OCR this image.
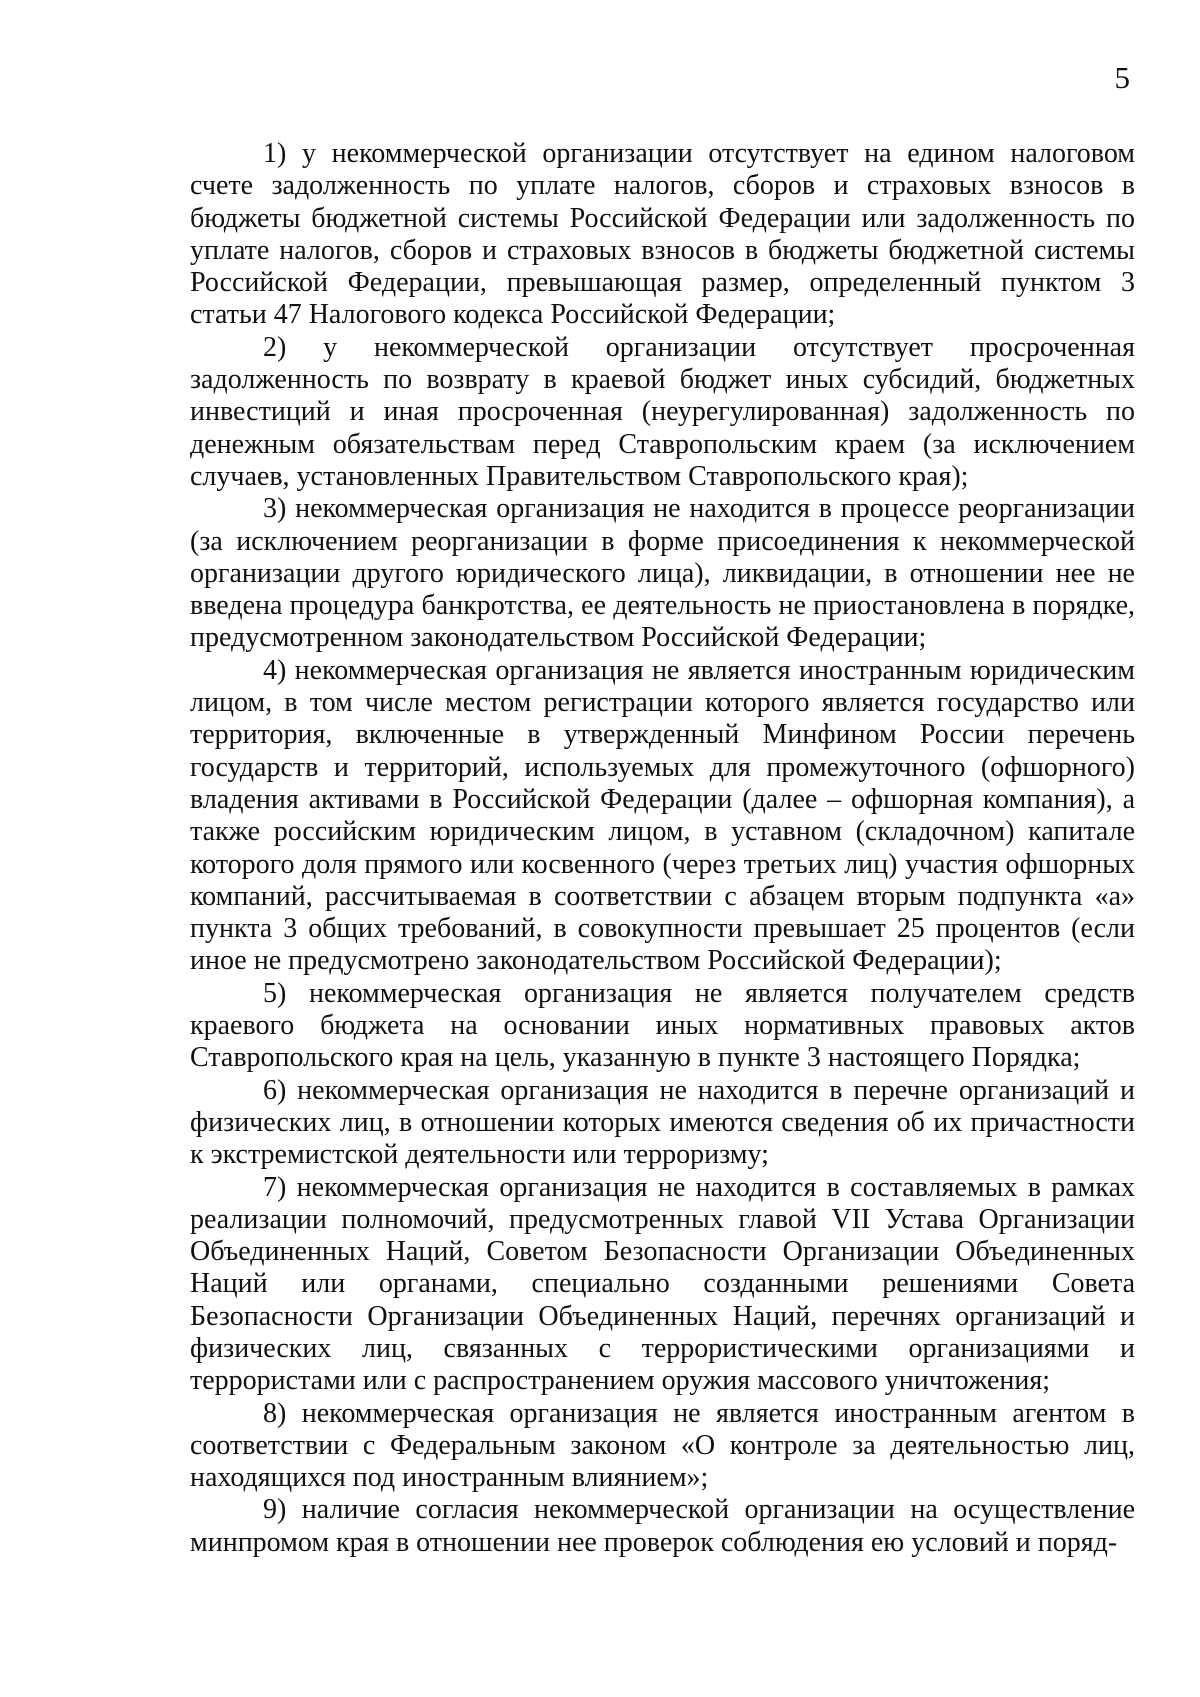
5

1) у некоммерческой организации отсутствует на едином налоговом счете задолженность по уплате налогов, сборов и страховых взносов в бюджеты бюджетной системы Российской Федерации или задолженность по уплате налогов, сборов и страховых взносов в бюджеты бюджетной системы Российской Федерации, превышающая размер, определенный пунктом 3 статьи 47 Налогового кодекса Российской Федерации;

2) у некоммерческой организации отсутствует просроченная задолженность по возврату в краевой бюджет иных субсидий, бюджетных инвестиций и иная просроченная (неурегулированная) задолженность по денежным обязательствам перед Ставропольским краем (за исключением случаев, установленных Правительством Ставропольского края);

3) некоммерческая организация не находится в процессе реорганизации (за исключением реорганизации в форме присоединения к некоммерческой организации другого юридического лица), ликвидации, в отношении нее не введена процедура банкротства, ее деятельность не приостановлена в порядке, предусмотренном законодательством Российской Федерации;

4) некоммерческая организация не является иностранным юридическим лицом, в том числе местом регистрации которого является государство или территория, включенные в утвержденный Минфином России перечень государств и территорий, используемых для промежуточного (офшорного) владения активами в Российской Федерации (далее – офшорная компания), а также российским юридическим лицом, в уставном (складочном) капитале которого доля прямого или косвенного (через третьих лиц) участия офшорных компаний, рассчитываемая в соответствии с абзацем вторым подпункта «а» пункта 3 общих требований, в совокупности превышает 25 процентов (если иное не предусмотрено законодательством Российской Федерации);

5) некоммерческая организация не является получателем средств краевого бюджета на основании иных нормативных правовых актов Ставропольского края на цель, указанную в пункте 3 настоящего Порядка;

6) некоммерческая организация не находится в перечне организаций и физических лиц, в отношении которых имеются сведения об их причастности к экстремистской деятельности или терроризму;

7) некоммерческая организация не находится в составляемых в рамках реализации полномочий, предусмотренных главой VII Устава Организации Объединенных Наций, Советом Безопасности Организации Объединенных Наций или органами, специально созданными решениями Совета Безопасности Организации Объединенных Наций, перечнях организаций и физических лиц, связанных с террористическими организациями и террористами или с распространением оружия массового уничтожения;

8) некоммерческая организация не является иностранным агентом в соответствии с Федеральным законом «О контроле за деятельностью лиц, находящихся под иностранным влиянием»;

9) наличие согласия некоммерческой организации на осуществление минпромом края в отношении нее проверок соблюдения ею условий и поряд-
